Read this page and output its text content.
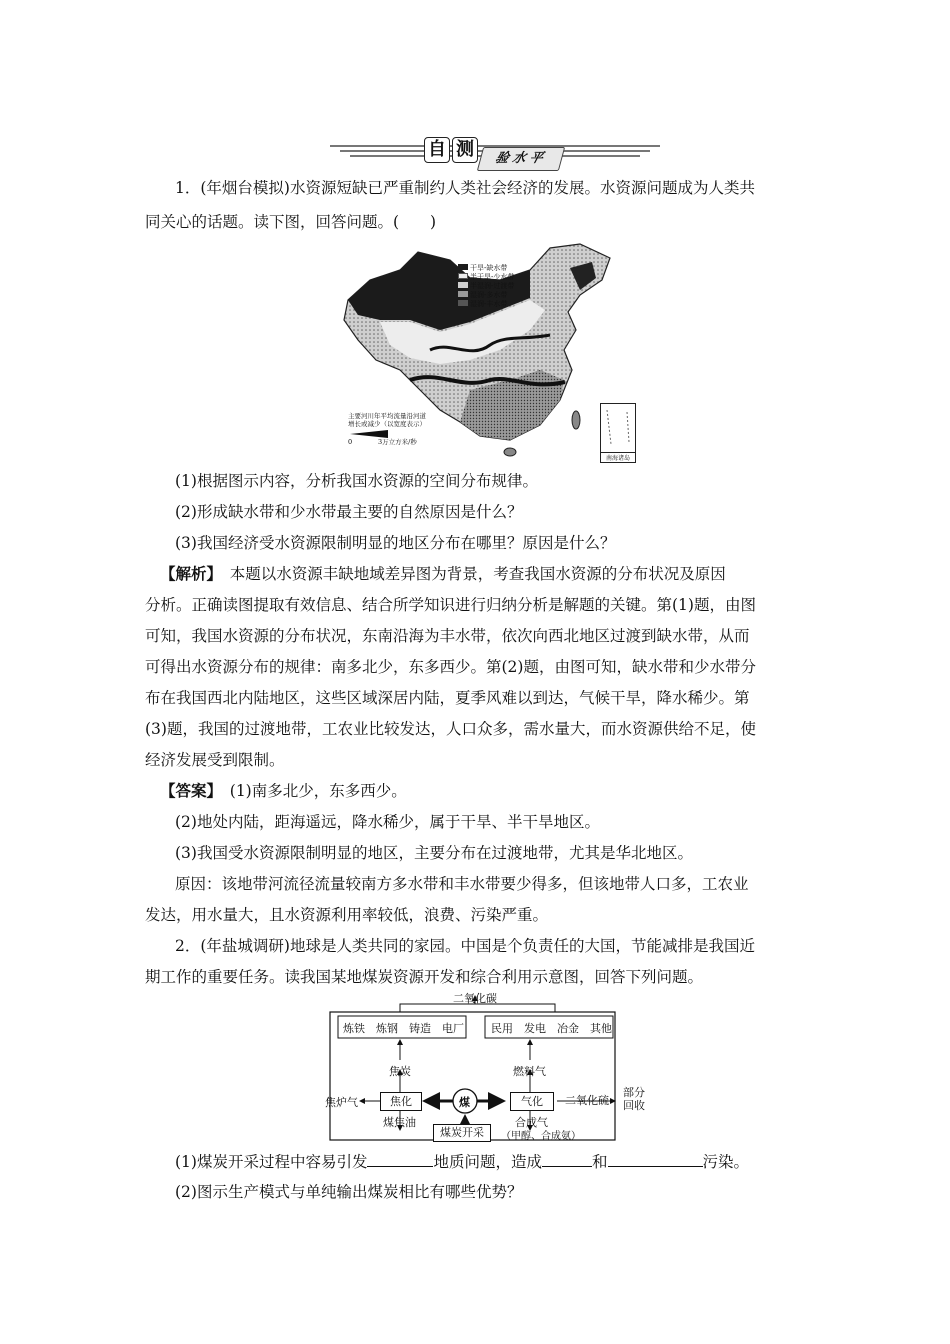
自 测	验水平
1．(年烟台模拟)水资源短缺已严重制约人类社会经济的发展。水资源问题成为人类共
同关心的话题。读下图，回答问题。(　　)
干旱-缺水带
半干旱-少水带
半湿润-过渡带
湿润-多水带
湿润-丰水带
主要河川年平均流量沿河道
增长或减少（以宽度表示）
0	3万立方米/秒
南海诸岛
(1)根据图示内容，分析我国水资源的空间分布规律。
(2)形成缺水带和少水带最主要的自然原因是什么？
(3)我国经济受水资源限制明显的地区分布在哪里？原因是什么？
【解析】　本题以水资源丰缺地域差异图为背景，考查我国水资源的分布状况及原因
分析。正确读图提取有效信息、结合所学知识进行归纳分析是解题的关键。第(1)题，由图
可知，我国水资源的分布状况，东南沿海为丰水带，依次向西北地区过渡到缺水带，从而
可得出水资源分布的规律：南多北少，东多西少。第(2)题，由图可知，缺水带和少水带分
布在我国西北内陆地区，这些区域深居内陆，夏季风难以到达，气候干旱，降水稀少。第
(3)题，我国的过渡地带，工农业比较发达，人口众多，需水量大，而水资源供给不足，使
经济发展受到限制。
【答案】　(1)南多北少，东多西少。
(2)地处内陆，距海遥远，降水稀少，属于干旱、半干旱地区。
(3)我国受水资源限制明显的地区，主要分布在过渡地带，尤其是华北地区。
原因：该地带河流径流量较南方多水带和丰水带要少得多，但该地带人口多，工农业
发达，用水量大，且水资源利用率较低，浪费、污染严重。
2．(年盐城调研)地球是人类共同的家园。中国是个负责任的大国，节能减排是我国近
期工作的重要任务。读我国某地煤炭资源开发和综合利用示意图，回答下列问题。
二氧化碳
炼铁　炼钢　铸造　电厂 民用　发电　冶金　其他
焦炭	燃料气
焦炉气	焦化	煤	气化	二氧化硫
部分回收
煤焦油
煤炭开采
合成气
（甲醇、合成氨）
(1)煤炭开采过程中容易引发	地质问题，造成	和	污染。
(2)图示生产模式与单纯输出煤炭相比有哪些优势？
